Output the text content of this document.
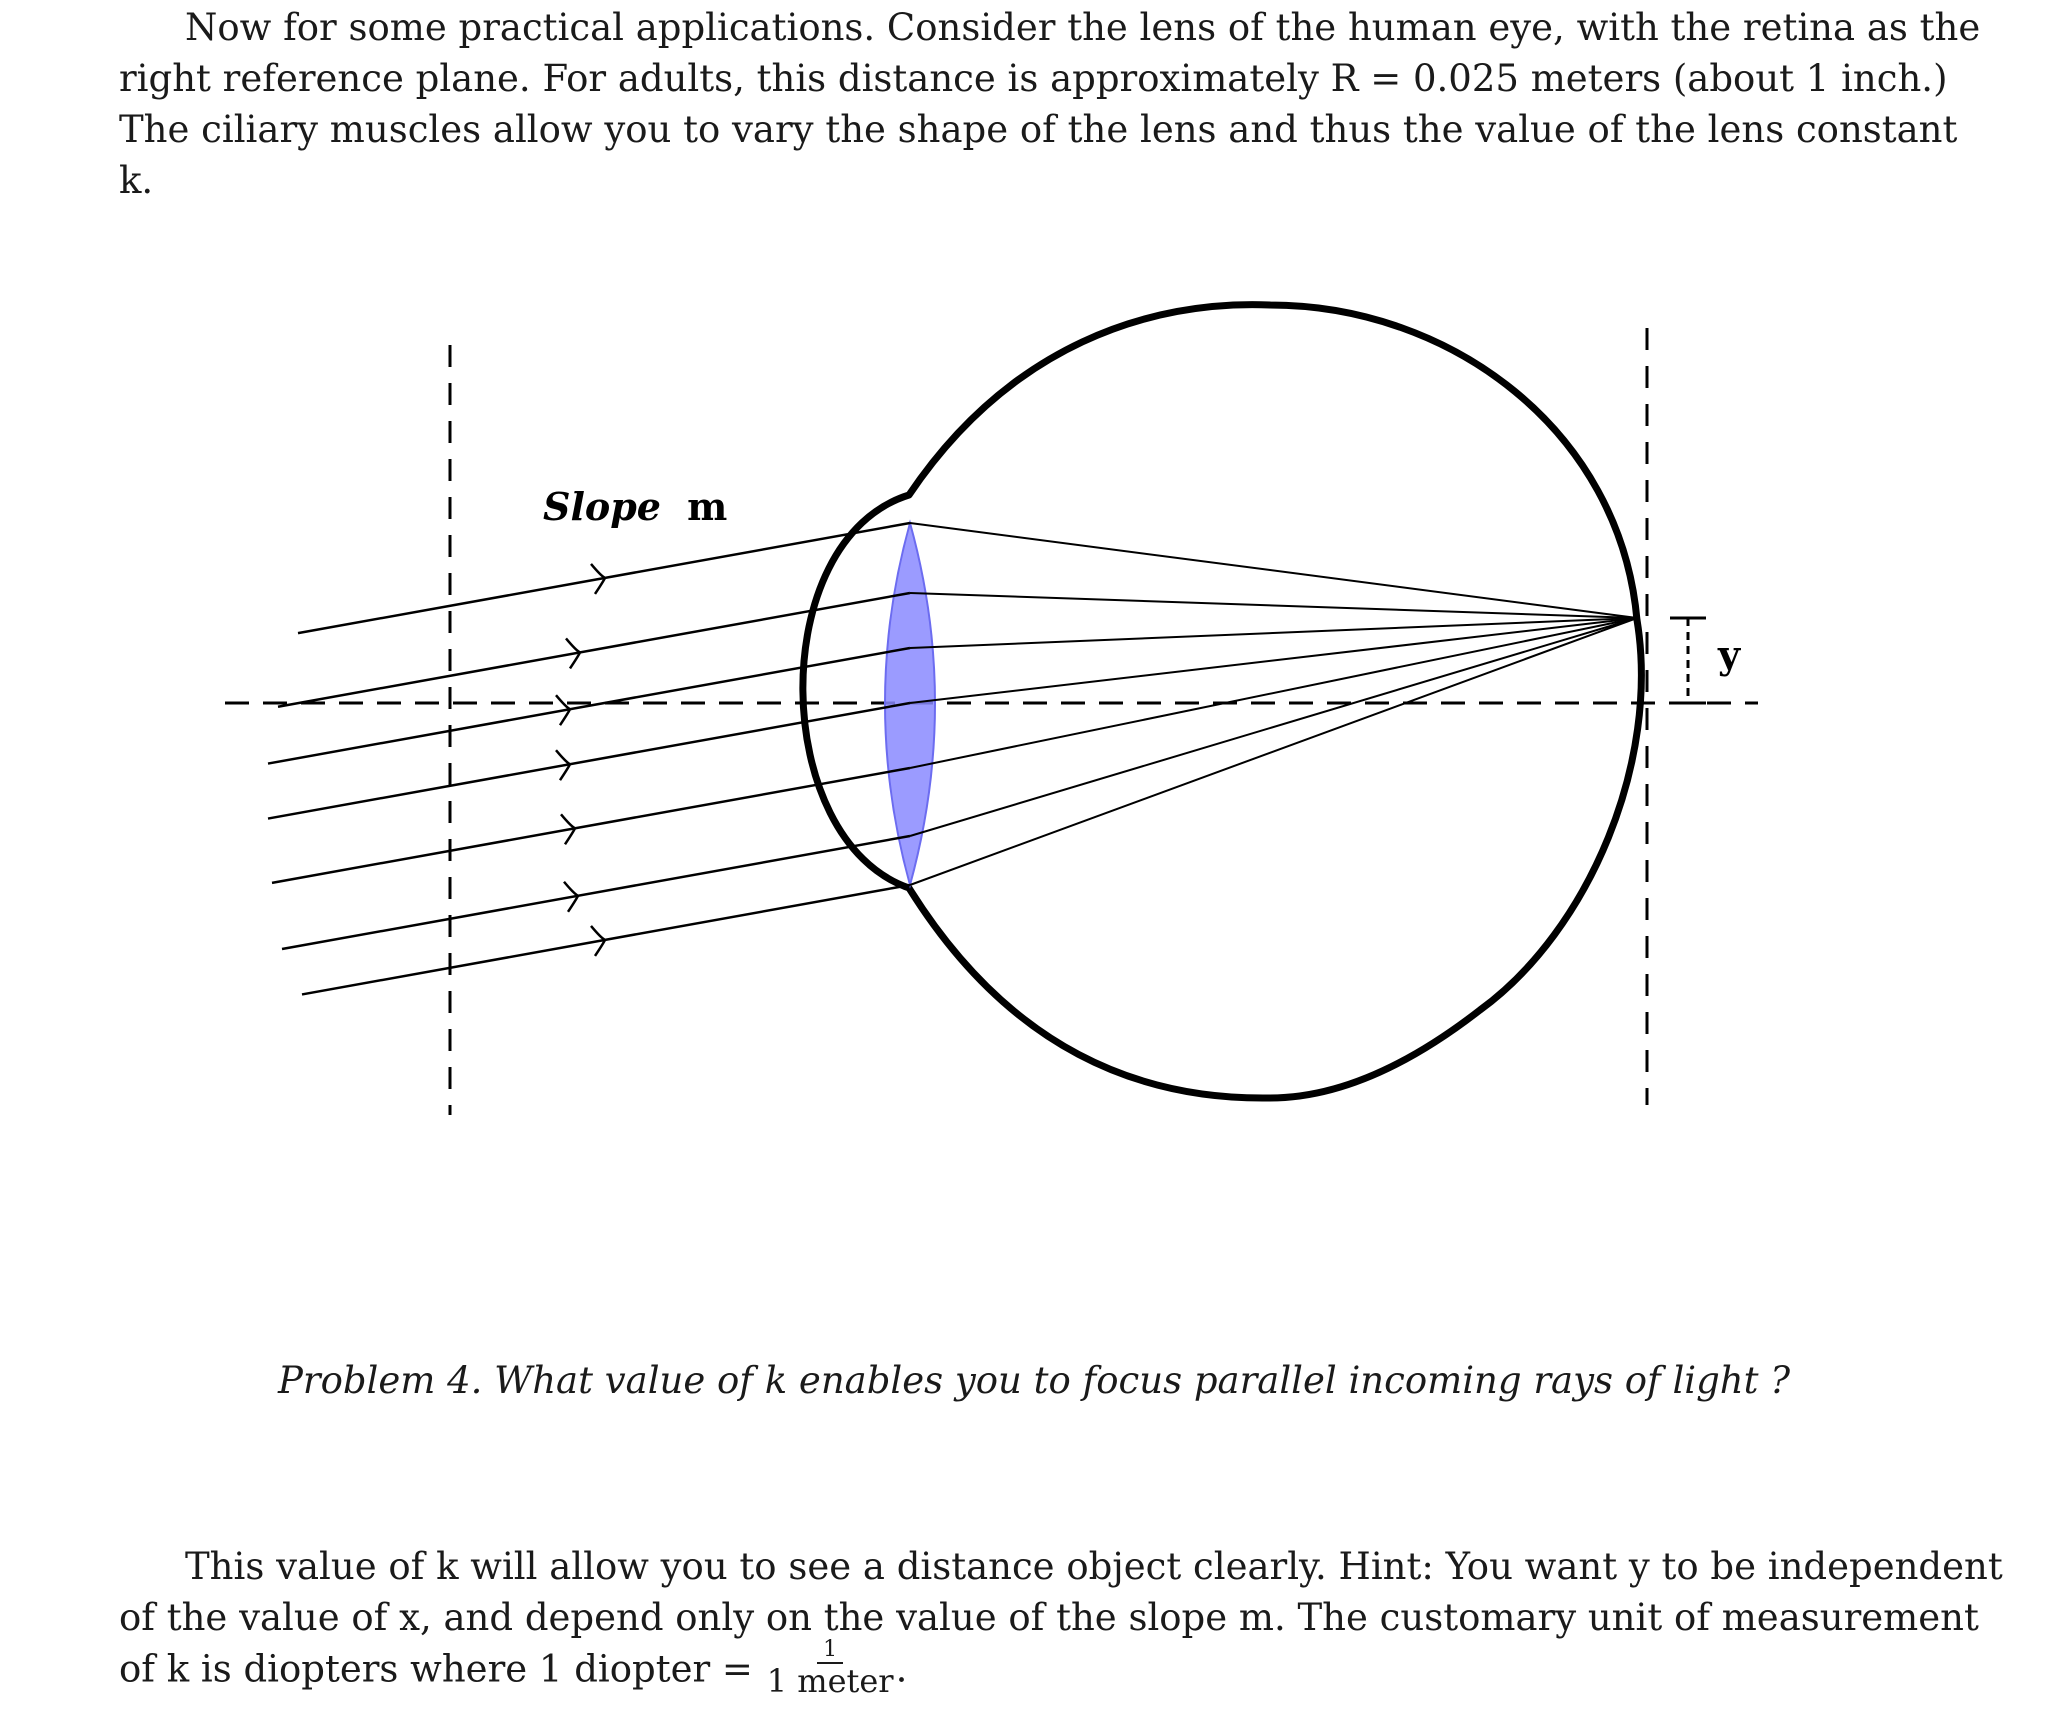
Now for some practical applications. Consider the lens of the human eye, with the retina as the
right reference plane. For adults, this distance is approximately R = 0.025 meters (about 1 inch.)
The ciliary muscles allow you to vary the shape of the lens and thus the value of the lens constant
k.
y
Slope m
Problem 4. What value of k enables you to focus parallel incoming rays of light ?
This value of k will allow you to see a distance object clearly. Hint: You want y to be independent
of the value of x, and depend only on the value of the slope m. The customary unit of measurement
of k is diopters where 1 diopter = $\frac{1}{\text{1 meter}}$ .
